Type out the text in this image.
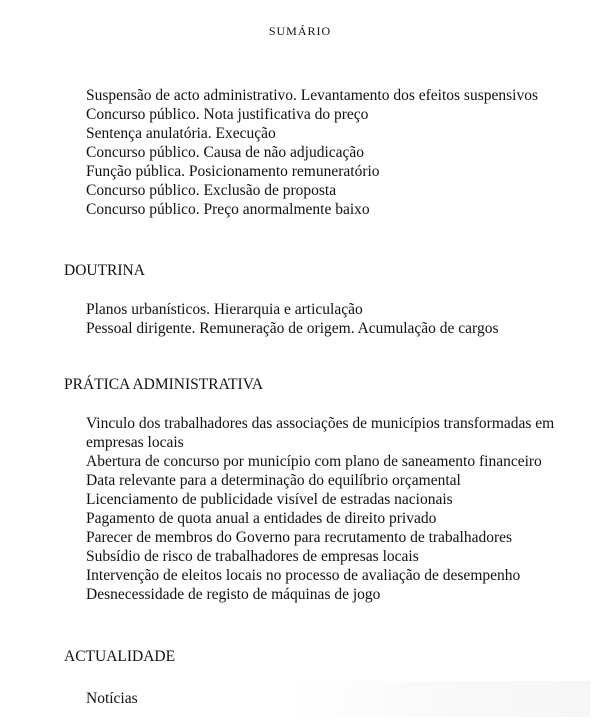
SUMÁRIO
Suspensão de acto administrativo. Levantamento dos efeitos suspensivos
Concurso público. Nota justificativa do preço
Sentença anulatória. Execução
Concurso público. Causa de não adjudicação
Função pública. Posicionamento remuneratório
Concurso público. Exclusão de proposta
Concurso público. Preço anormalmente baixo
DOUTRINA
Planos urbanísticos. Hierarquia e articulação
Pessoal dirigente. Remuneração de origem. Acumulação de cargos
PRÁTICA ADMINISTRATIVA
Vinculo dos trabalhadores das associações de municípios transformadas em empresas locais
Abertura de concurso por município com plano de saneamento financeiro
Data relevante para a determinação do equilíbrio orçamental
Licenciamento de publicidade visível de estradas nacionais
Pagamento de quota anual a entidades de direito privado
Parecer de membros do Governo para recrutamento de trabalhadores
Subsídio de risco de trabalhadores de empresas locais
Intervenção de eleitos locais no processo de avaliação de desempenho
Desnecessidade de registo de máquinas de jogo
ACTUALIDADE
Notícias
